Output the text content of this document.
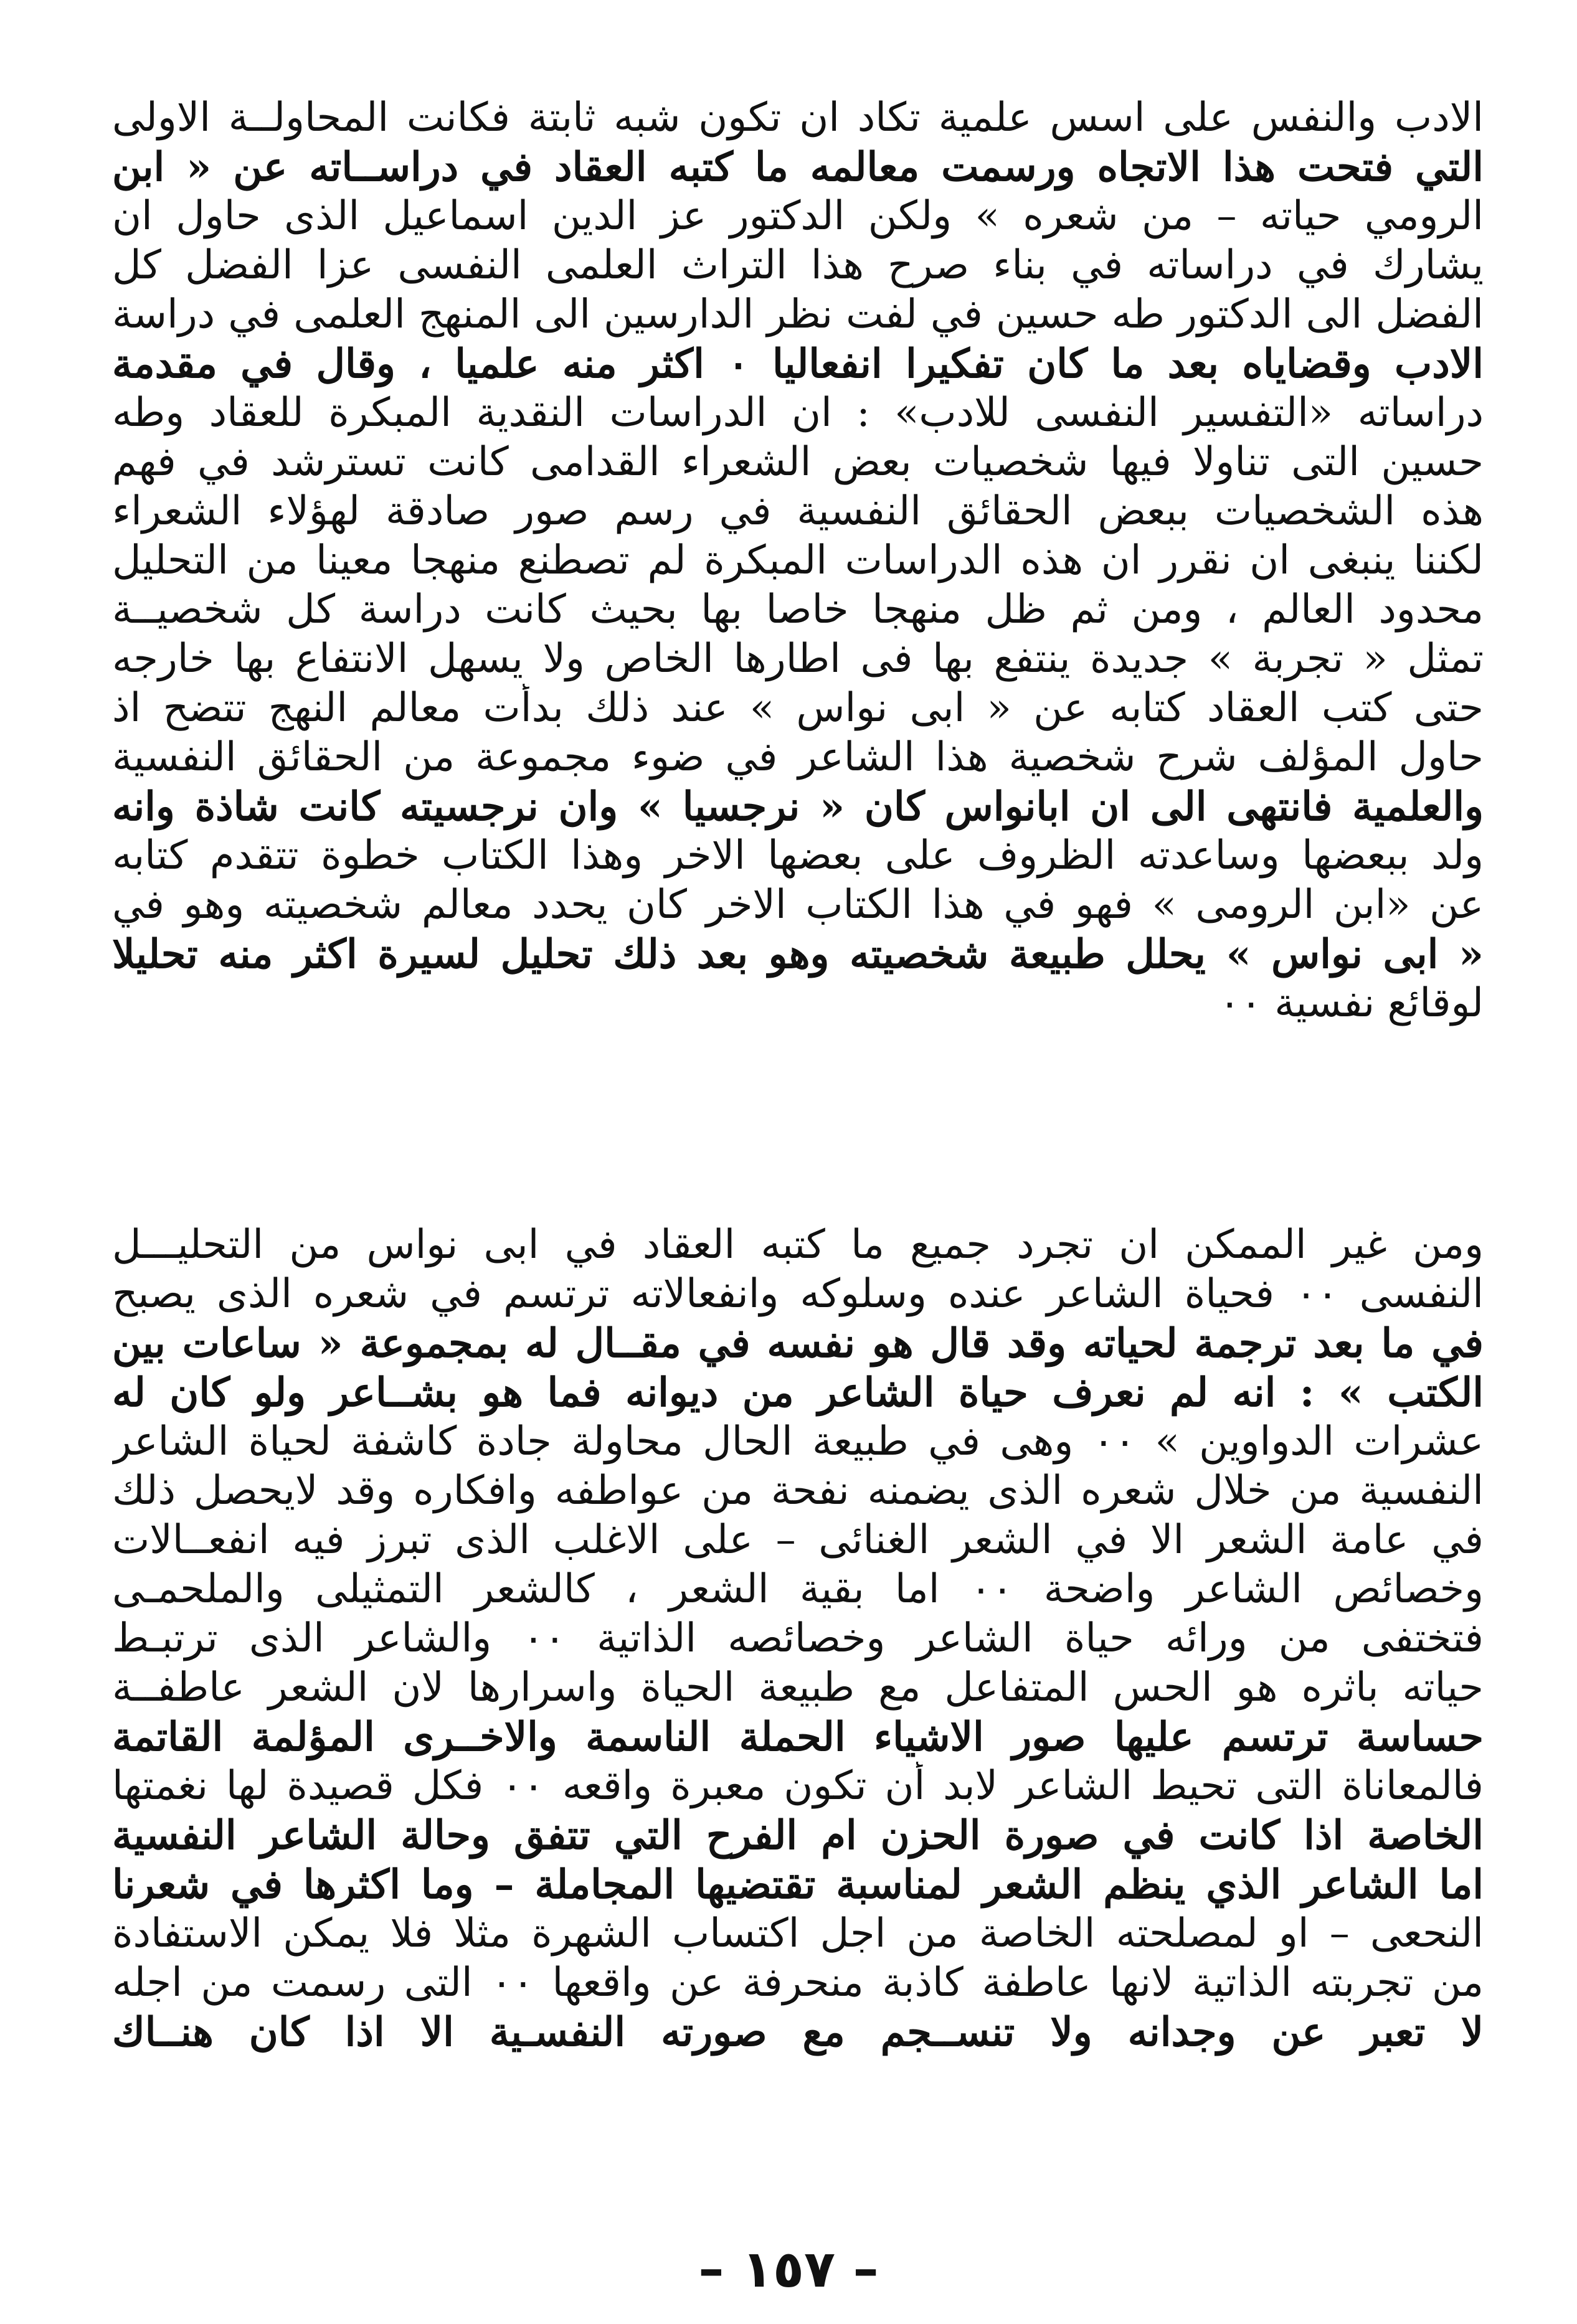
الادب والنفس على اسس علمية تكاد ان تكون شبه ثابتة فكانت المحاولــة الاولى
التي فتحت هذا الاتجاه ورسمت معالمه ما كتبه العقاد في دراســاته عن « ابن
الرومي حياته – من شعره » ولكن الدكتور عز الدين اسماعيل الذى حاول ان
يشارك في دراساته في بناء صرح هذا التراث العلمى النفسى عزا الفضل كل
الفضل الى الدكتور طه حسين في لفت نظر الدارسين الى المنهج العلمى في دراسة
الادب وقضاياه بعد ما كان تفكيرا انفعاليا ٠ اكثر منه علميا ، وقال في مقدمة
دراساته «التفسير النفسى للادب» : ان الدراسات النقدية المبكرة للعقاد وطه
حسين التى تناولا فيها شخصيات بعض الشعراء القدامى كانت تسترشد في فهم
هذه الشخصيات ببعض الحقائق النفسية في رسم صور صادقة لهؤلاء الشعراء
لكننا ينبغى ان نقرر ان هذه الدراسات المبكرة لم تصطنع منهجا معينا من التحليل
محدود العالم ، ومن ثم ظل منهجا خاصا بها بحيث كانت دراسة كل شخصيــة
تمثل « تجربة » جديدة ينتفع بها فى اطارها الخاص ولا يسهل الانتفاع بها خارجه
حتى كتب العقاد كتابه عن « ابى نواس » عند ذلك بدأت معالم النهج تتضح اذ
حاول المؤلف شرح شخصية هذا الشاعر في ضوء مجموعة من الحقائق النفسية
والعلمية فانتهى الى ان ابانواس كان « نرجسيا » وان نرجسيته كانت شاذة وانه
ولد ببعضها وساعدته الظروف على بعضها الاخر وهذا الكتاب خطوة تتقدم كتابه
عن «ابن الرومى » فهو في هذا الكتاب الاخر كان يحدد معالم شخصيته وهو في
« ابى نواس » يحلل طبيعة شخصيته وهو بعد ذلك تحليل لسيرة اكثر منه تحليلا
لوقائع نفسية ٠٠
ومن غير الممكن ان تجرد جميع ما كتبه العقاد في ابى نواس من التحليـــل
النفسى ٠٠ فحياة الشاعر عنده وسلوكه وانفعالاته ترتسم في شعره الذى يصبح
في ما بعد ترجمة لحياته وقد قال هو نفسه في مقــال له بمجموعة « ساعات بين
الكتب » : انه لم نعرف حياة الشاعر من ديوانه فما هو بشــاعر ولو كان له
عشرات الدواوين » ٠٠ وهى في طبيعة الحال محاولة جادة كاشفة لحياة الشاعر
النفسية من خلال شعره الذى يضمنه نفحة من عواطفه وافكاره وقد لايحصل ذلك
في عامة الشعر الا في الشعر الغنائى – على الاغلب الذى تبرز فيه انفعــالات
وخصائص الشاعر واضحة ٠٠ اما بقية الشعر ، كالشعر التمثيلى والملحمـى
فتختفى من ورائه حياة الشاعر وخصائصه الذاتية ٠٠ والشاعر الذى ترتبـط
حياته باثره هو الحس المتفاعل مع طبيعة الحياة واسرارها لان الشعر عاطفــة
حساسة ترتسم عليها صور الاشياء الحملة الناسمة والاخــرى المؤلمة القاتمة
فالمعاناة التى تحيط الشاعر لابد أن تكون معبرة واقعه ٠٠ فكل قصيدة لها نغمتها
الخاصة اذا كانت في صورة الحزن ام الفرح التي تتفق وحالة الشاعر النفسية
اما الشاعر الذي ينظم الشعر لمناسبة تقتضيها المجاملة – وما اكثرها في شعرنا
النحعى – او لمصلحته الخاصة من اجل اكتساب الشهرة مثلا فلا يمكن الاستفادة
من تجربته الذاتية لانها عاطفة كاذبة منحرفة عن واقعها ٠٠ التى رسمت من اجله
لا تعبر عن وجدانه ولا تنســجم مع صورته النفسـية الا اذا كان هنــاك
– ١٥٧ –
